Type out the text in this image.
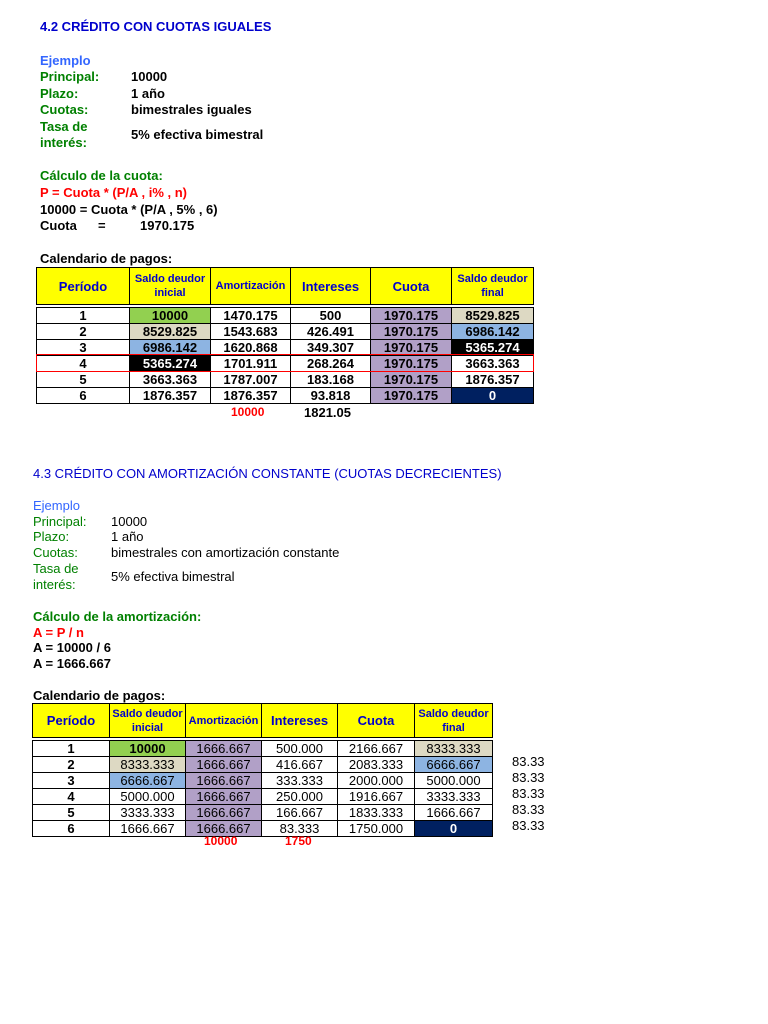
4.2 CRÉDITO CON CUOTAS IGUALES
Ejemplo
Principal: 10000
Plazo:	1 año
Cuotas:	bimestrales iguales
Tasa de
interés:
5% efectiva bimestral
Cálculo de la cuota:
P = Cuota * (P/A , i% , n)
10000 = Cuota * (P/A , 5% , 6)
Cuota =	1970.175
Calendario de pagos:
Período	Saldo deudor inicial	Amortización	Intereses	Cuota	Saldo deudor final

1	10000	1470.175	500	1970.175	8529.825
2	8529.825	1543.683	426.491	1970.175	6986.142
3	6986.142	1620.868	349.307	1970.175	5365.274
4	5365.274	1701.911	268.264	1970.175	3663.363
5	3663.363	1787.007	183.168	1970.175	1876.357
6	1876.357	1876.357	93.818	1970.175	0
10000	1821.05
4.3 CRÉDITO CON AMORTIZACIÓN CONSTANTE (CUOTAS DECRECIENTES)
Ejemplo
Principal: 10000
Plazo:	1 año
Cuotas:	bimestrales con amortización constante
Tasa de
interés:
5% efectiva bimestral
Cálculo de la amortización:
A = P / n
A = 10000 / 6
A = 1666.667
Calendario de pagos:
Período	Saldo deudor inicial	Amortización	Intereses	Cuota	Saldo deudor final

1	10000	1666.667	500.000	2166.667	8333.333
2	8333.333	1666.667	416.667	2083.333	6666.667
3	6666.667	1666.667	333.333	2000.000	5000.000
4	5000.000	1666.667	250.000	1916.667	3333.333
5	3333.333	1666.667	166.667	1833.333	1666.667
6	1666.667	1666.667	83.333	1750.000	0
83.33
83.33
83.33
83.33
83.33
10000	1750
